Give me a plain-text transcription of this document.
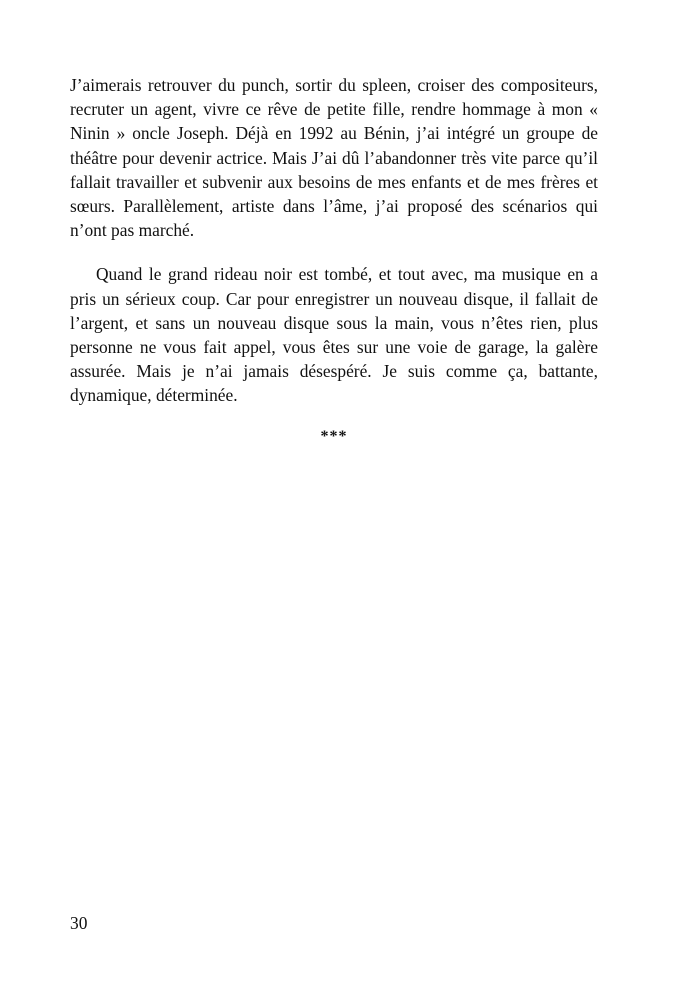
J’aimerais retrouver du punch, sortir du spleen, croiser des compositeurs, recruter un agent, vivre ce rêve de petite fille, rendre hommage à mon « Ninin » oncle Joseph. Déjà en 1992 au Bénin, j’ai intégré un groupe de théâtre pour devenir actrice. Mais J’ai dû l’abandonner très vite parce qu’il fallait travailler et subvenir aux besoins de mes enfants et de mes frères et sœurs. Parallèlement, artiste dans l’âme, j’ai proposé des scénarios qui n’ont pas marché.

Quand le grand rideau noir est tombé, et tout avec, ma musique en a pris un sérieux coup. Car pour enregistrer un nouveau disque, il fallait de l’argent, et sans un nouveau disque sous la main, vous n’êtes rien, plus personne ne vous fait appel, vous êtes sur une voie de garage, la galère assurée. Mais je n’ai jamais désespéré. Je suis comme ça, battante, dynamique, déterminée.

***
30
